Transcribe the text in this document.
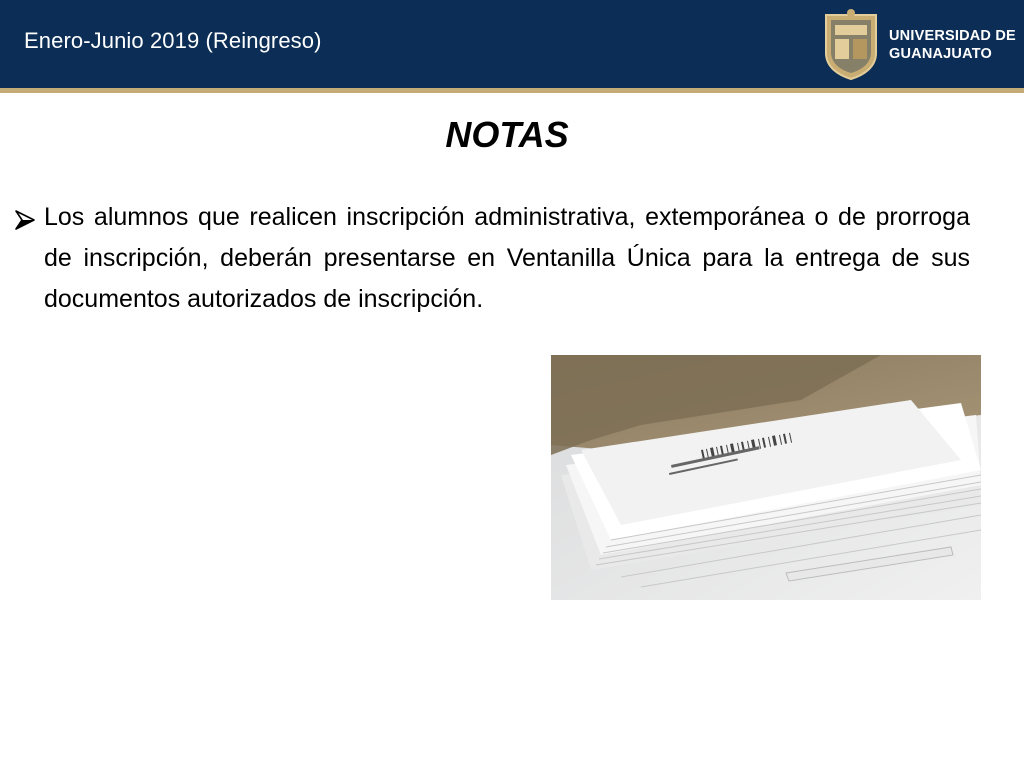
Enero-Junio 2019 (Reingreso)	UNIVERSIDAD DE
GUANAJUATO
NOTAS
Los alumnos que realicen inscripción administrativa, extemporánea o de prorroga de inscripción, deberán presentarse en Ventanilla Única para la entrega de sus documentos autorizados de inscripción.
